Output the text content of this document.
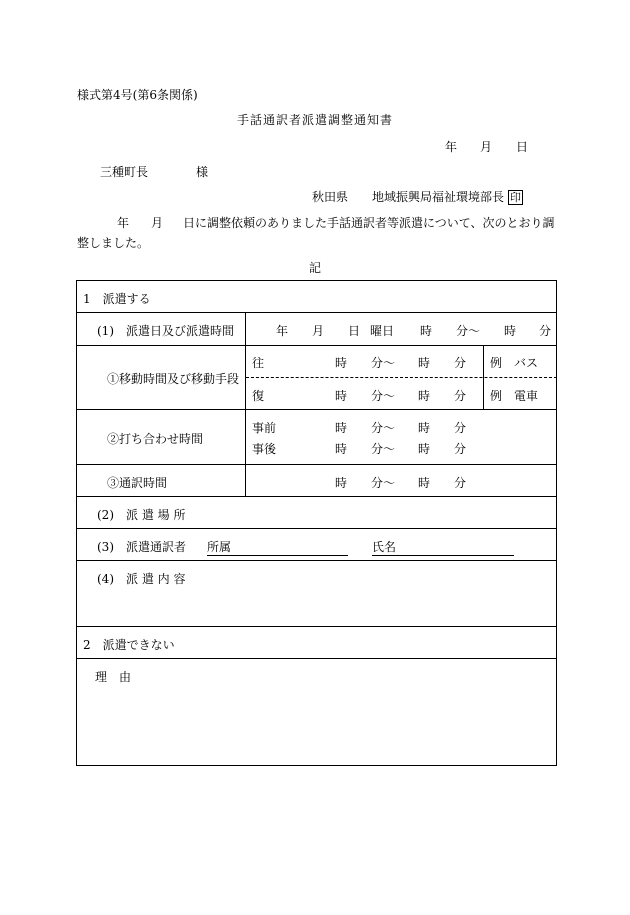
様式第4号(第6条関係)
手話通訳者派遣調整通知書
年 月 日
三種町長	様
秋田県　　地域振興局福祉環境部長 印
年 月 日に調整依頼のありました手話通訳者等派遣について、次のとおり調
整しました。
記
1　派遣する
(1)　派遣日及び派遣時間	年 月 日 曜日 時 分〜 時 分
①移動時間及び移動手段
往	時 分〜 時 分 例　バス
復	時 分〜 時 分 例　電車
②打ち合わせ時間
事前	時 分〜 時 分
事後	時 分〜 時 分
③通訳時間	時 分〜 時 分
(2)　派 遣 場 所
(3)　派遣通訳者 所属	氏名
(4)　派 遣 内 容
2　派遣できない
理　由
